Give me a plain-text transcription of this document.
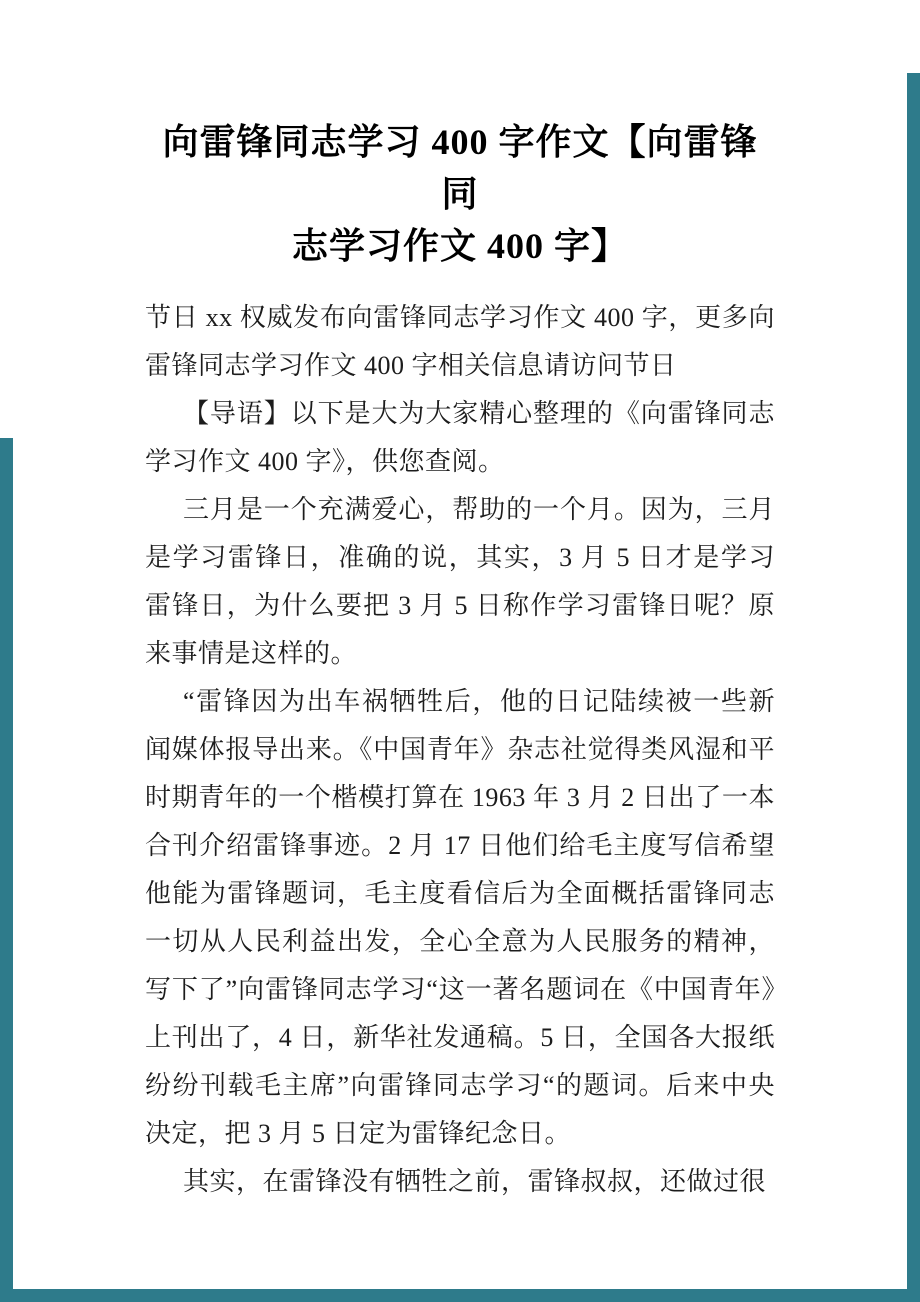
向雷锋同志学习 400 字作文【向雷锋同
志学习作文 400 字】

节日 xx 权威发布向雷锋同志学习作文 400 字，更多向雷锋同志学习作文 400 字相关信息请访问节日

【导语】以下是大为大家精心整理的《向雷锋同志学习作文 400 字》，供您查阅。

三月是一个充满爱心，帮助的一个月。因为，三月是学习雷锋日，准确的说，其实，3 月 5 日才是学习雷锋日，为什么要把 3 月 5 日称作学习雷锋日呢？原来事情是这样的。

“雷锋因为出车祸牺牲后，他的日记陆续被一些新闻媒体报导出来。《中国青年》杂志社觉得类风湿和平时期青年的一个楷模打算在 1963 年 3 月 2 日出了一本合刊介绍雷锋事迹。2 月 17 日他们给毛主度写信希望他能为雷锋题词，毛主度看信后为全面概括雷锋同志一切从人民利益出发，全心全意为人民服务的精神，写下了”向雷锋同志学习“这一著名题词在《中国青年》上刊出了，4 日，新华社发通稿。5 日，全国各大报纸纷纷刊载毛主席”向雷锋同志学习“的题词。后来中央决定，把 3 月 5 日定为雷锋纪念日。

其实，在雷锋没有牺牲之前，雷锋叔叔，还做过很
